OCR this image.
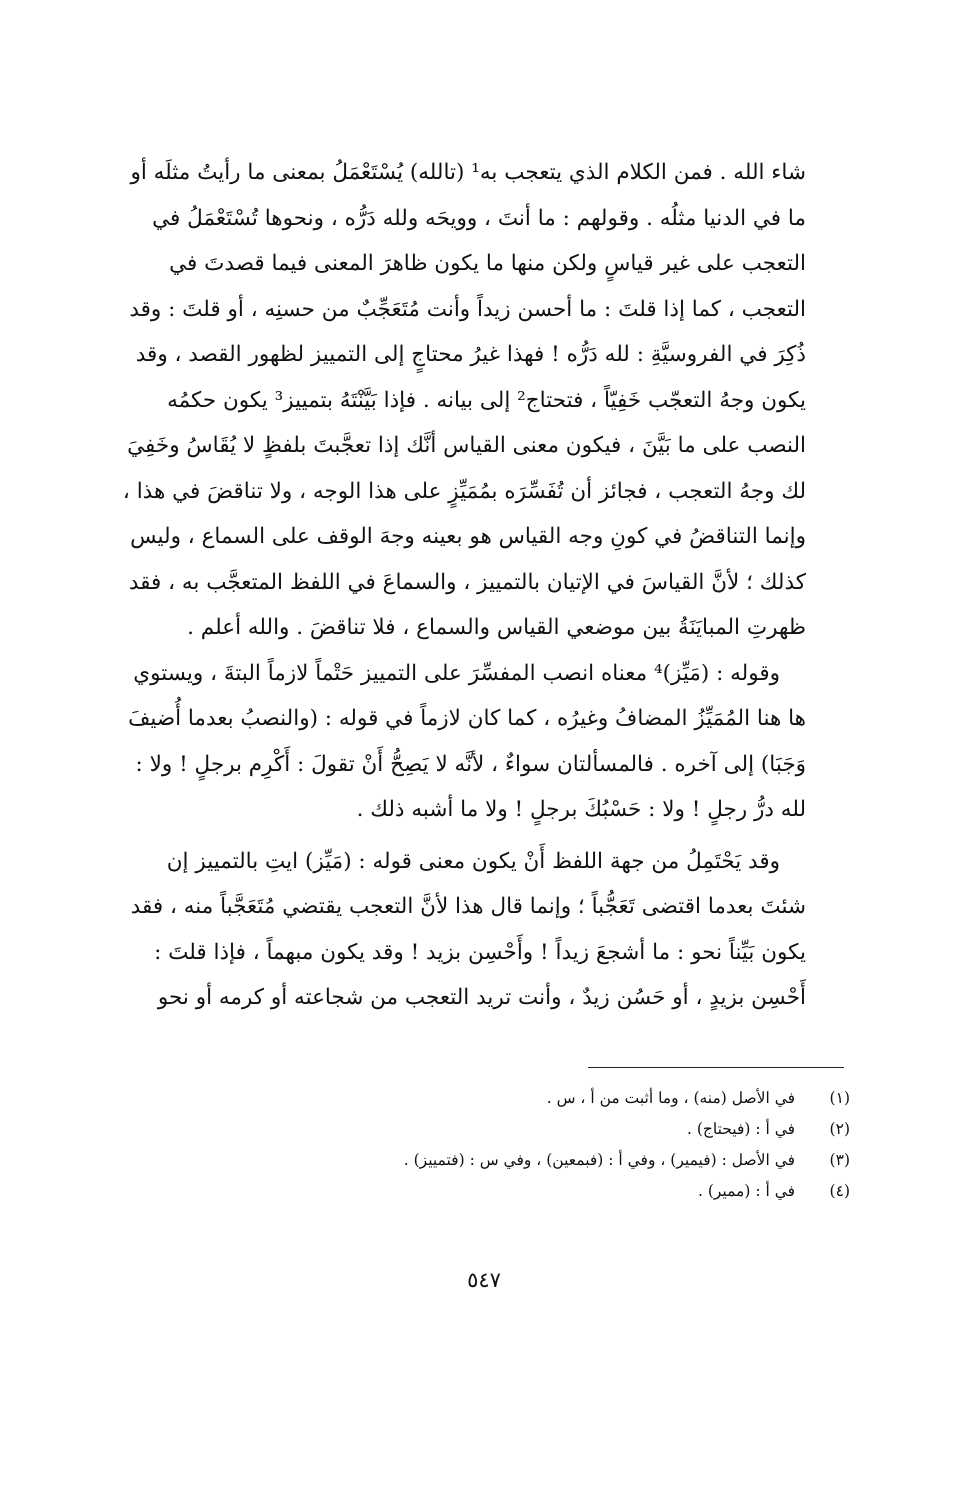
شاء الله . فمن الكلام الذي يتعجب به¹ (تالله) يُسْتَعْمَلُ بمعنى ما رأيتُ مثلَه أو
ما في الدنيا مثلُه . وقولهم : ما أنتَ ، وويحَه ولله دَرُّه ، ونحوها تُسْتَعْمَلُ في
التعجب على غير قياسٍ ولكن منها ما يكون ظاهرَ المعنى فيما قصدتَ في
التعجب ، كما إذا قلتَ : ما أحسن زيداً وأنت مُتَعَجِّبٌ من حسنِه ، أو قلتَ : وقد
ذُكِرَ في الفروسيَّةِ : لله دَرُّه ! فهذا غيرُ محتاجٍ إلى التمييز لظهور القصد ، وقد
يكون وجهُ التعجّب خَفِيّاً ، فتحتاج² إلى بيانه . فإذا بَيَّنْتَهُ بتمييز³ يكون حكمُه
النصب على ما بَيَّنَ ، فيكون معنى القياس أنَّك إذا تعجَّبتَ بلفظٍ لا يُقَاسُ وخَفِيَ
لك وجهُ التعجب ، فجائز أن تُفَسِّرَه بمُمَيِّزٍ على هذا الوجه ، ولا تناقضَ في هذا ،
وإنما التناقضُ في كونِ وجه القياس هو بعينه وجهَ الوقف على السماع ، وليس
كذلك ؛ لأنَّ القياسَ في الإتيان بالتمييز ، والسماعَ في اللفظ المتعجَّب به ، فقد
ظهرتِ المبايَنَةُ بين موضعي القياس والسماع ، فلا تناقضَ . والله أعلم .
وقوله : (مَيِّز)⁴ معناه انصب المفسِّرَ على التمييز حَتْماً لازماً البتةَ ، ويستوي
ها هنا المُمَيِّزُ المضافُ وغيرُه ، كما كان لازماً في قوله : (والنصبُ بعدما أُضيفَ
وَجَبَا) إلى آخره . فالمسألتان سواءٌ ، لأنَّه لا يَصِحُّ أَنْ تقولَ : أَكْرِم برجلٍ ! ولا :
لله درُّ رجلٍ ! ولا : حَسْبُكَ برجلٍ ! ولا ما أشبه ذلك .
وقد يَحْتَمِلُ من جهة اللفظ أَنْ يكون معنى قوله : (مَيِّز) ايتِ بالتمييز إن
شئتَ بعدما اقتضى تَعَجُّباً ؛ وإنما قال هذا لأنَّ التعجب يقتضي مُتَعَجَّباً منه ، فقد
يكون بَيِّناً نحو : ما أشجعَ زيداً ! وأَحْسِن بزيد ! وقد يكون مبهماً ، فإذا قلتَ :
أَحْسِن بزيدٍ ، أو حَسُن زيدٌ ، وأنت تريد التعجب من شجاعته أو كرمه أو نحو
(١) في الأصل (منه) ، وما أثبت من أ ، س .
(٢) في أ : (فيحتاج) .
(٣) في الأصل : (فيمير) ، وفي أ : (فبمعين) ، وفي س : (فتمييز) .
(٤) في أ : (ممير) .
٥٤٧
